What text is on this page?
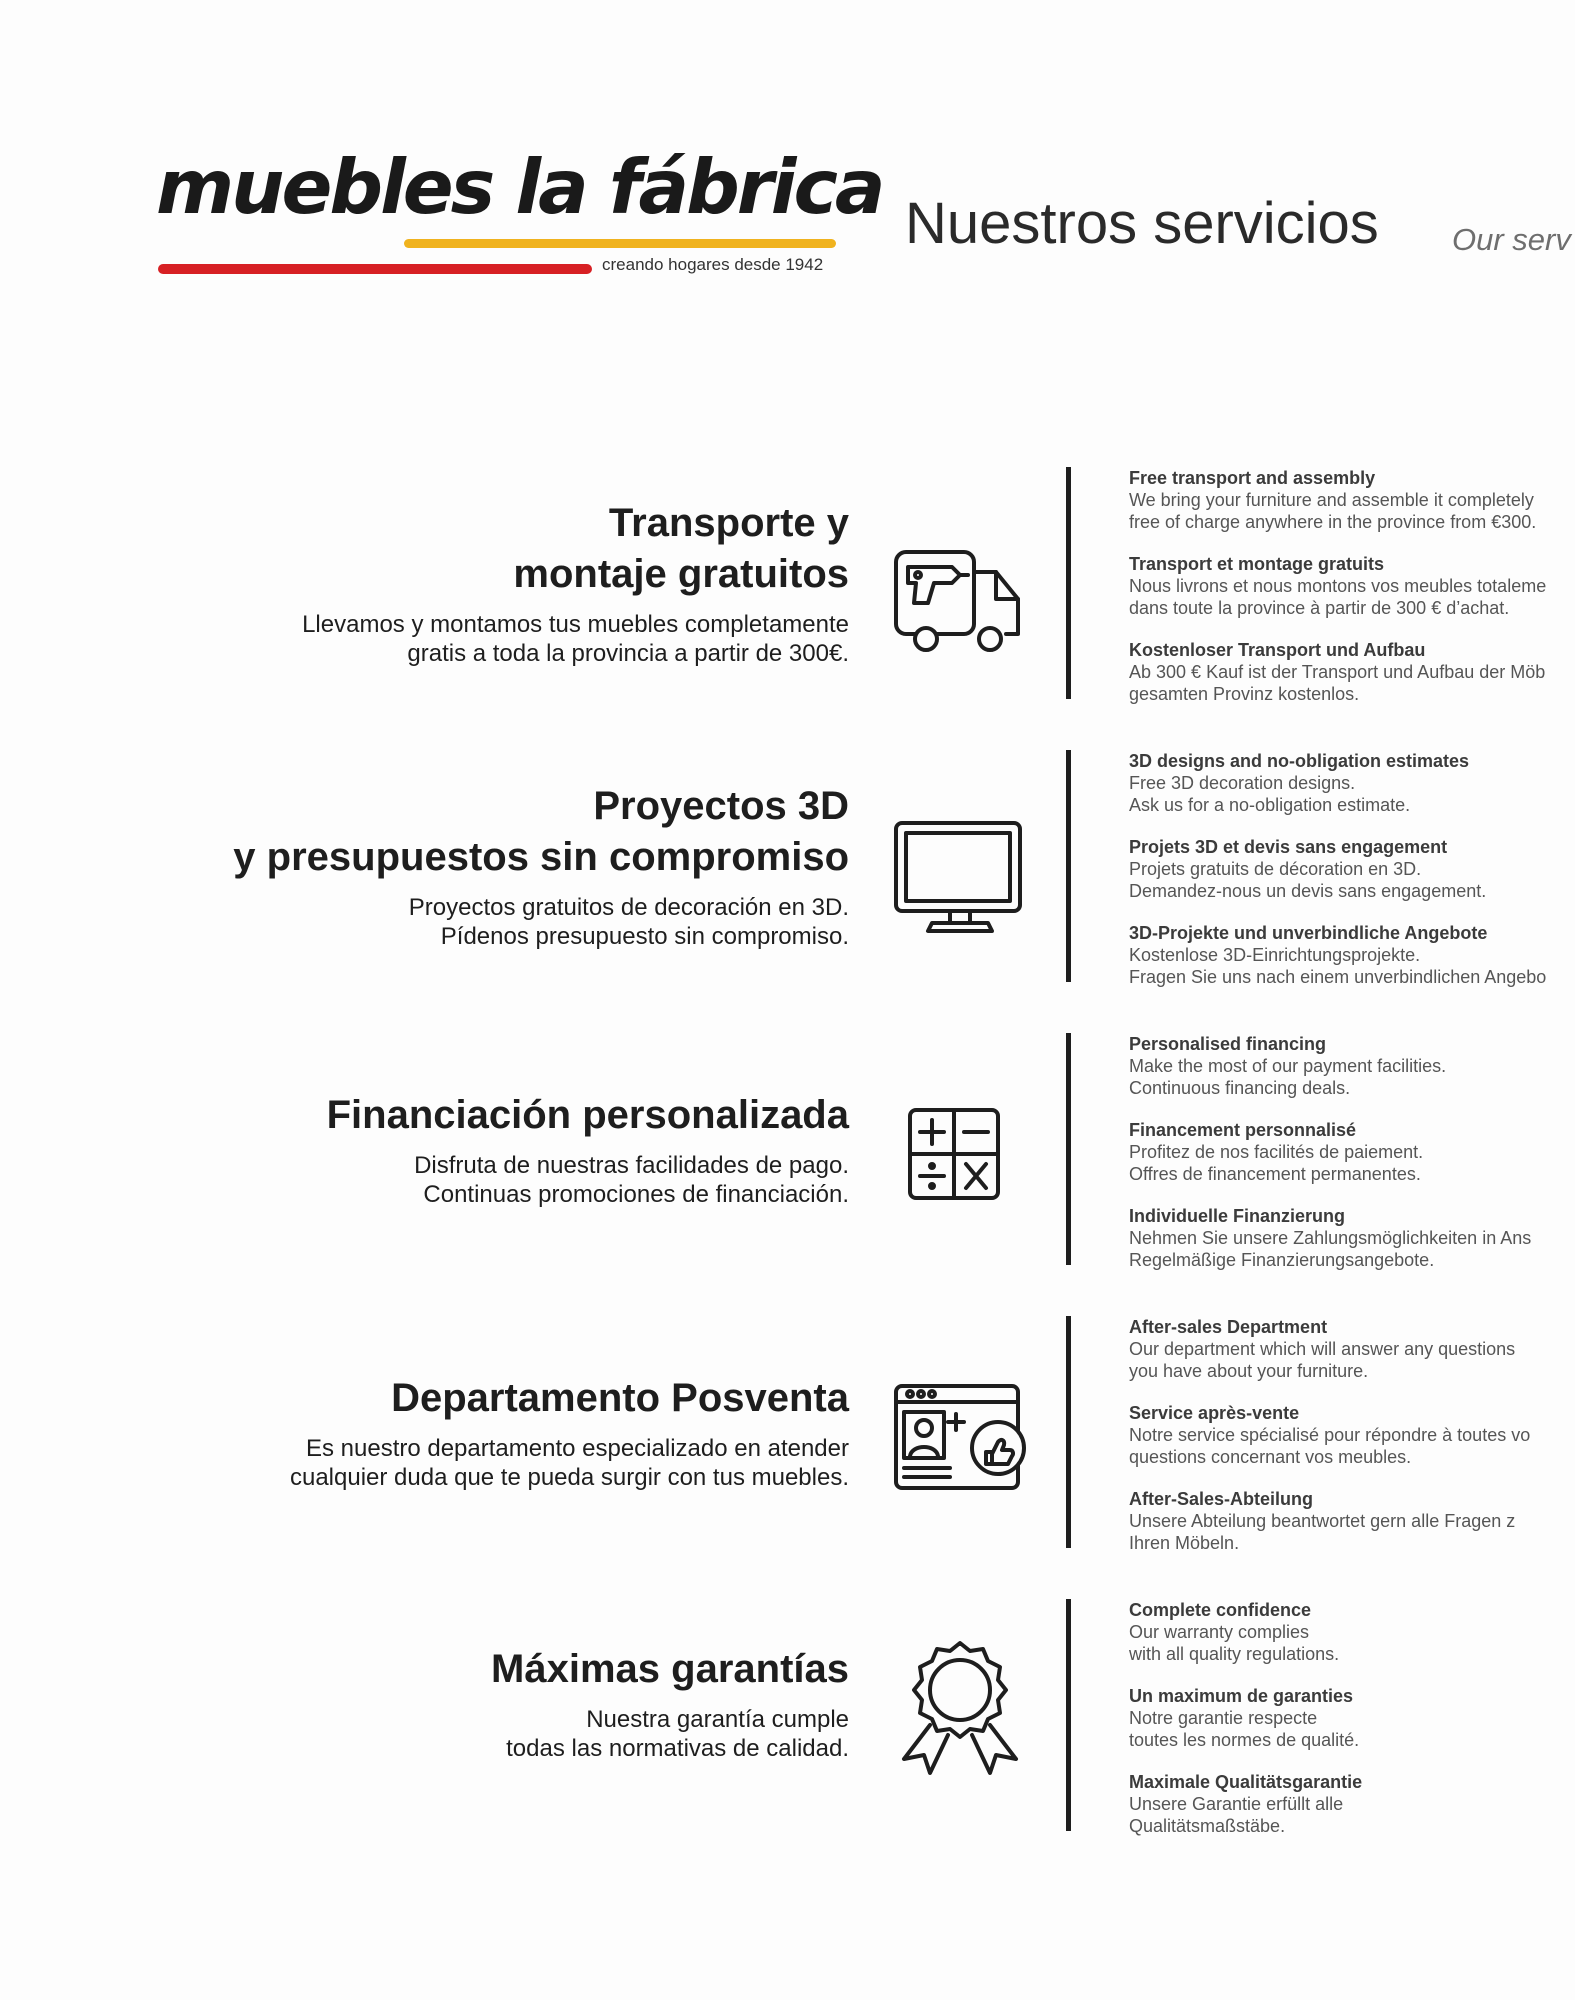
muebles la fábrica
creando hogares desde 1942
Nuestros servicios Our serv
Transporte y
montaje gratuitos

Llevamos y montamos tus muebles completamente
gratis a toda la provincia a partir de 300€.

Free transport and assembly
We bring your furniture and assemble it completely
free of charge anywhere in the province from €300.
Transport et montage gratuits
Nous livrons et nous montons vos meubles totaleme
dans toute la province à partir de 300 € d’achat.
Kostenloser Transport und Aufbau
Ab 300 € Kauf ist der Transport und Aufbau der Möb
gesamten Provinz kostenlos.
Proyectos 3D
y presupuestos sin compromiso

Proyectos gratuitos de decoración en 3D.
Pídenos presupuesto sin compromiso.

3D designs and no-obligation estimates
Free 3D decoration designs.
Ask us for a no-obligation estimate.
Projets 3D et devis sans engagement
Projets gratuits de décoration en 3D.
Demandez-nous un devis sans engagement.
3D-Projekte und unverbindliche Angebote
Kostenlose 3D-Einrichtungsprojekte.
Fragen Sie uns nach einem unverbindlichen Angebo
Financiación personalizada

Disfruta de nuestras facilidades de pago.
Continuas promociones de financiación.

Personalised financing
Make the most of our payment facilities.
Continuous financing deals.
Financement personnalisé
Profitez de nos facilités de paiement.
Offres de financement permanentes.
Individuelle Finanzierung
Nehmen Sie unsere Zahlungsmöglichkeiten in Ans
Regelmäßige Finanzierungsangebote.
Departamento Posventa

Es nuestro departamento especializado en atender
cualquier duda que te pueda surgir con tus muebles.

After-sales Department
Our department which will answer any questions
you have about your furniture.
Service après-vente
Notre service spécialisé pour répondre à toutes vo
questions concernant vos meubles.
After-Sales-Abteilung
Unsere Abteilung beantwortet gern alle Fragen z
Ihren Möbeln.
Máximas garantías

Nuestra garantía cumple
todas las normativas de calidad.

Complete confidence
Our warranty complies
with all quality regulations.
Un maximum de garanties
Notre garantie respecte
toutes les normes de qualité.
Maximale Qualitätsgarantie
Unsere Garantie erfüllt alle
Qualitätsmaßstäbe.
